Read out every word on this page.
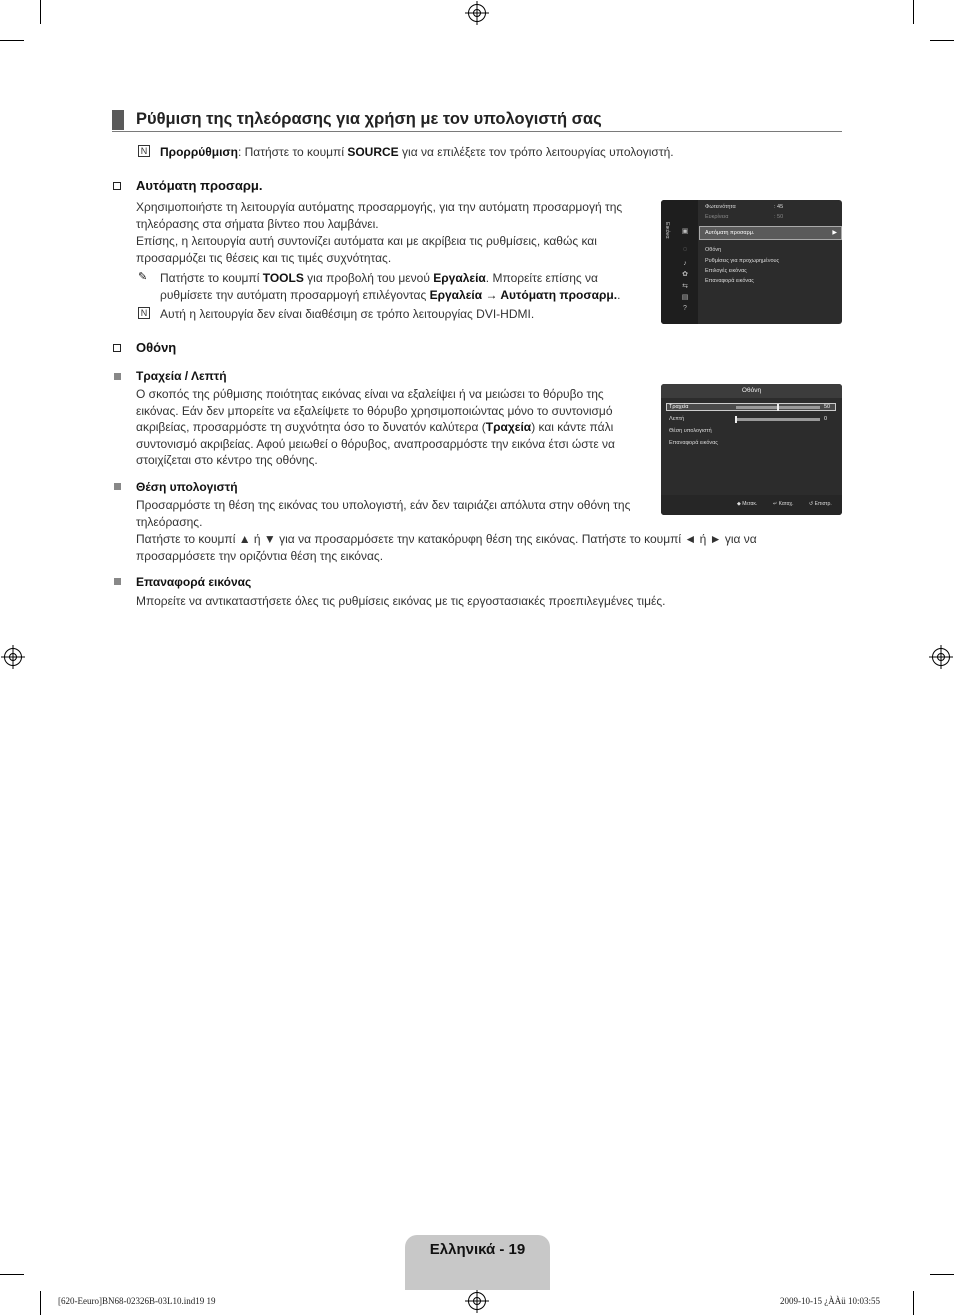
Ρύθμιση της τηλεόρασης για χρήση με τον υπολογιστή σας
N Προρρύθμιση: Πατήστε το κουμπί SOURCE για να επιλέξετε τον τρόπο λειτουργίας υπολογιστή.
Αυτόματη προσαρμ.
Χρησιμοποιήστε τη λειτουργία αυτόματης προσαρμογής, για την αυτόματη προσαρμογή της
τηλεόρασης στα σήματα βίντεο που λαμβάνει.
Επίσης, η λειτουργία αυτή συντονίζει αυτόματα και με ακρίβεια τις ρυθμίσεις, καθώς και
προσαρμόζει τις θέσεις και τις τιμές συχνότητας.
✎	Πατήστε το κουμπί TOOLS για προβολή του μενού Εργαλεία. Μπορείτε επίσης να
ρυθμίσετε την αυτόματη προσαρμογή επιλέγοντας Εργαλεία → Αυτόματη προσαρμ..
N Αυτή η λειτουργία δεν είναι διαθέσιμη σε τρόπο λειτουργίας DVI-HDMI.
Εικόνα ▣
◌
♪
✿
⇆
▤
?
Φωτεινότητα	: 45
Ευκρίνεια	: 50
Αυτόματη προσαρμ.	▶
Οθόνη
Ρυθμίσεις για προχωρημένους
Επιλογές εικόνας
Επαναφορά εικόνας
Οθόνη
Τραχεία / Λεπτή
Ο σκοπός της ρύθμισης ποιότητας εικόνας είναι να εξαλείψει ή να μειώσει το θόρυβο της
εικόνας. Εάν δεν μπορείτε να εξαλείψετε το θόρυβο χρησιμοποιώντας μόνο το συντονισμό
ακριβείας, προσαρμόστε τη συχνότητα όσο το δυνατόν καλύτερα (Τραχεία) και κάντε πάλι
συντονισμό ακριβείας. Αφού μειωθεί ο θόρυβος, αναπροσαρμόστε την εικόνα έτσι ώστε να
στοιχίζεται στο κέντρο της οθόνης.
Θέση υπολογιστή
Προσαρμόστε τη θέση της εικόνας του υπολογιστή, εάν δεν ταιριάζει απόλυτα στην οθόνη της
τηλεόρασης.
Πατήστε το κουμπί ▲ ή ▼ για να προσαρμόσετε την κατακόρυφη θέση της εικόνας. Πατήστε το κουμπί ◄ ή ► για να
προσαρμόσετε την οριζόντια θέση της εικόνας.
Επαναφορά εικόνας
Μπορείτε να αντικαταστήσετε όλες τις ρυθμίσεις εικόνας με τις εργοστασιακές προεπιλεγμένες τιμές.
Οθόνη
Τραχεία	50
Λεπτή	0
Θέση υπολογιστή
Επαναφορά εικόνας
◆ Μετακ.	↵ Καταχ.	↺ Επιστρ.
Ελληνικά - 19
[620-Eeuro]BN68-02326B-03L10.ind19 19	2009-10-15 ¿ÀÀü 10:03:55
